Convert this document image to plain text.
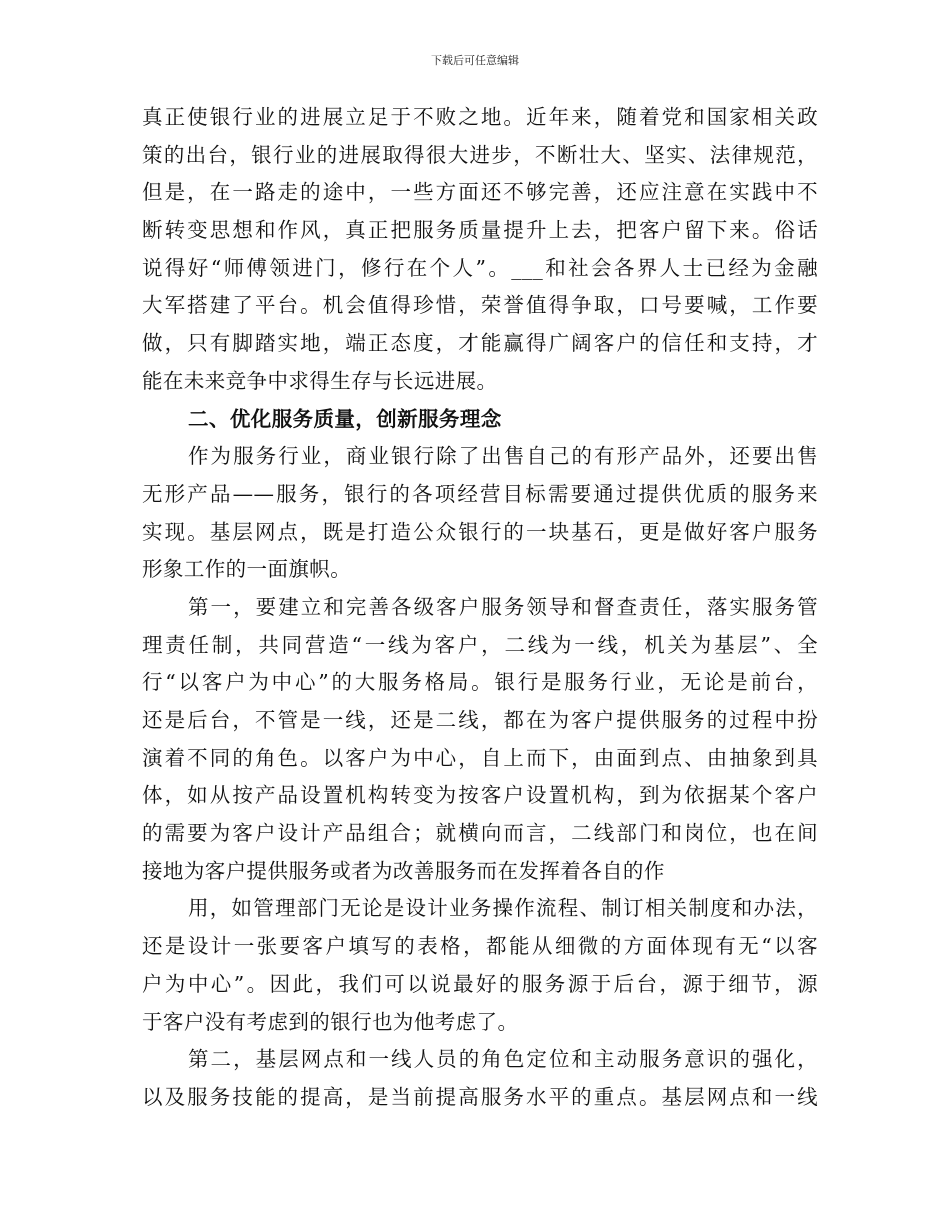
下载后可任意编辑
真正使银行业的进展立足于不败之地。近年来，随着党和国家相关政
策的出台，银行业的进展取得很大进步，不断壮大、坚实、法律规范，
但是，在一路走的途中，一些方面还不够完善，还应注意在实践中不
断转变思想和作风，真正把服务质量提升上去，把客户留下来。俗话
说得好“师傅领进门，修行在个人”。___和社会各界人士已经为金融
大军搭建了平台。机会值得珍惜，荣誉值得争取，口号要喊，工作要
做，只有脚踏实地，端正态度，才能赢得广阔客户的信任和支持，才
能在未来竞争中求得生存与长远进展。
二、优化服务质量，创新服务理念
作为服务行业，商业银行除了出售自己的有形产品外，还要出售
无形产品——服务，银行的各项经营目标需要通过提供优质的服务来
实现。基层网点，既是打造公众银行的一块基石，更是做好客户服务
形象工作的一面旗帜。
第一，要建立和完善各级客户服务领导和督查责任，落实服务管
理责任制，共同营造“一线为客户，二线为一线，机关为基层”、全
行“以客户为中心”的大服务格局。银行是服务行业，无论是前台，
还是后台，不管是一线，还是二线，都在为客户提供服务的过程中扮
演着不同的角色。以客户为中心，自上而下，由面到点、由抽象到具
体，如从按产品设置机构转变为按客户设置机构，到为依据某个客户
的需要为客户设计产品组合；就横向而言，二线部门和岗位，也在间
接地为客户提供服务或者为改善服务而在发挥着各自的作
用，如管理部门无论是设计业务操作流程、制订相关制度和办法，
还是设计一张要客户填写的表格，都能从细微的方面体现有无“以客
户为中心”。因此，我们可以说最好的服务源于后台，源于细节，源
于客户没有考虑到的银行也为他考虑了。
第二，基层网点和一线人员的角色定位和主动服务意识的强化，
以及服务技能的提高，是当前提高服务水平的重点。基层网点和一线
